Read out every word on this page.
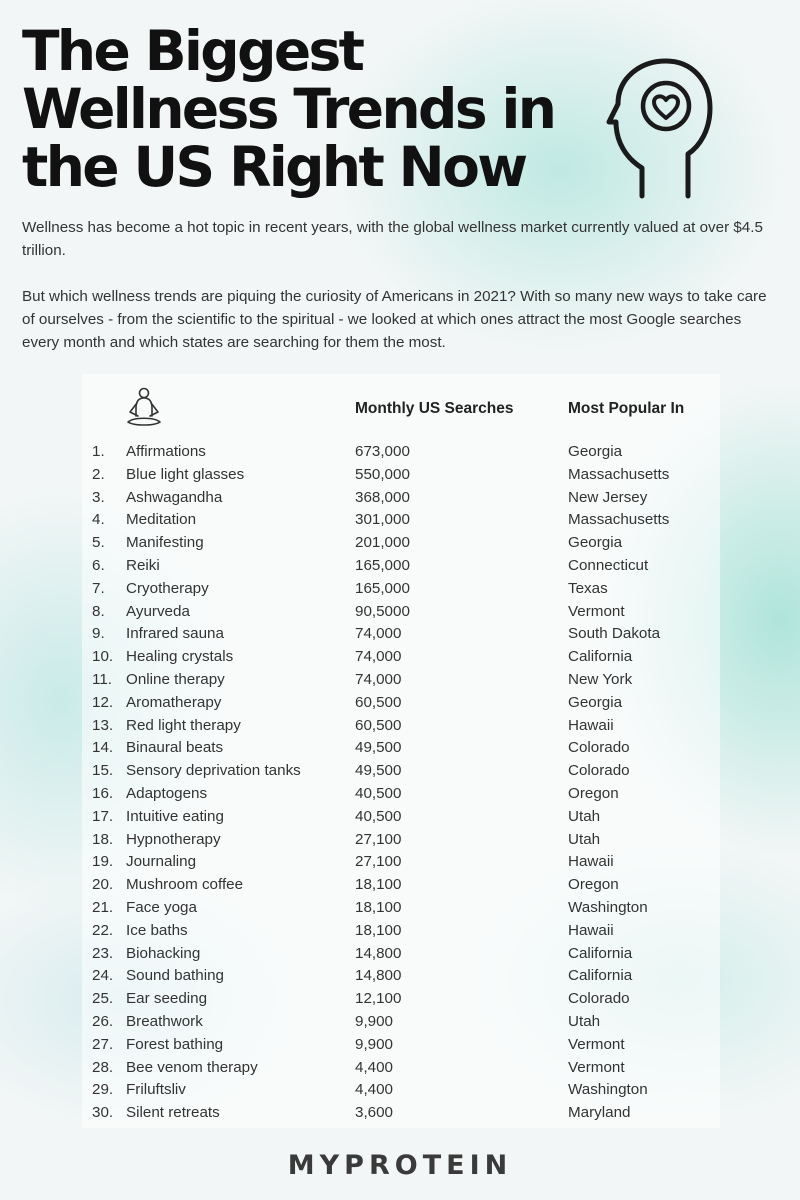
The Biggest
Wellness Trends in
the US Right Now

Wellness has become a hot topic in recent years, with the global wellness market currently valued at over $4.5 trillion.

But which wellness trends are piquing the curiosity of Americans in 2021? With so many new ways to take care of ourselves - from the scientific to the spiritual - we looked at which ones attract the most Google searches every month and which states are searching for them the most.

Monthly US Searches	Most Popular In
1. Affirmations	673,000	Georgia
2. Blue light glasses	550,000	Massachusetts
3. Ashwagandha	368,000	New Jersey
4. Meditation	301,000	Massachusetts
5. Manifesting	201,000	Georgia
6. Reiki	165,000	Connecticut
7. Cryotherapy	165,000	Texas
8. Ayurveda	90,5000	Vermont
9. Infrared sauna	74,000	South Dakota
10. Healing crystals	74,000	California
11. Online therapy	74,000	New York
12. Aromatherapy	60,500	Georgia
13. Red light therapy	60,500	Hawaii
14. Binaural beats	49,500	Colorado
15. Sensory deprivation tanks	49,500	Colorado
16. Adaptogens	40,500	Oregon
17. Intuitive eating	40,500	Utah
18. Hypnotherapy	27,100	Utah
19. Journaling	27,100	Hawaii
20. Mushroom coffee	18,100	Oregon
21. Face yoga	18,100	Washington
22. Ice baths	18,100	Hawaii
23. Biohacking	14,800	California
24. Sound bathing	14,800	California
25. Ear seeding	12,100	Colorado
26. Breathwork	9,900	Utah
27. Forest bathing	9,900	Vermont
28. Bee venom therapy	4,400	Vermont
29. Friluftsliv	4,400	Washington
30. Silent retreats	3,600	Maryland
MYPROTEIN
